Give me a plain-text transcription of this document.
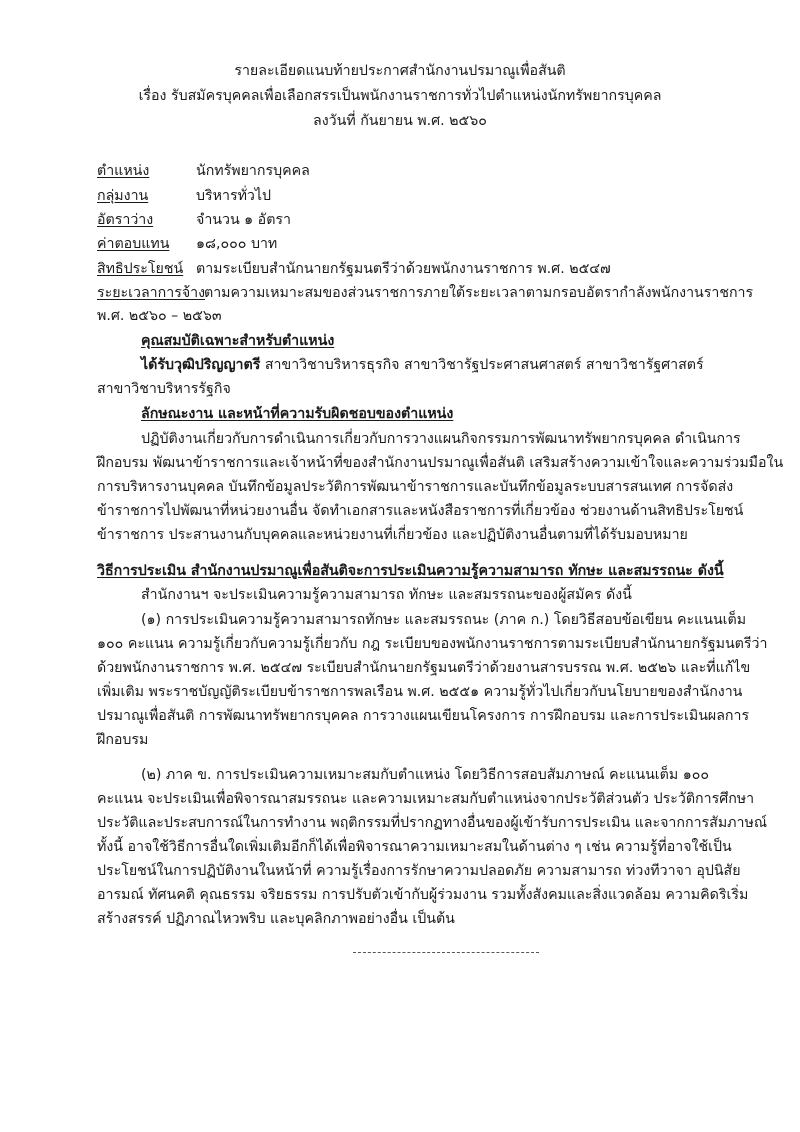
รายละเอียดแนบท้ายประกาศสำนักงานปรมาณูเพื่อสันติ
เรื่อง รับสมัครบุคคลเพื่อเลือกสรรเป็นพนักงานราชการทั่วไปตำแหน่งนักทรัพยากรบุคคล
ลงวันที่ กันยายน พ.ศ. ๒๕๖๐
ตำแหน่ง	นักทรัพยากรบุคคล
กลุ่มงาน	บริหารทั่วไป
อัตราว่าง	จำนวน ๑ อัตรา
ค่าตอบแทน ๑๘,๐๐๐ บาท
สิทธิประโยชน์ ตามระเบียบสำนักนายกรัฐมนตรีว่าด้วยพนักงานราชการ พ.ศ. ๒๕๔๗
ระยะเวลาการจ้าง
ตามความเหมาะสมของส่วนราชการภายใต้ระยะเวลาตามกรอบอัตรากำลังพนักงานราชการ
พ.ศ. ๒๕๖๐ – ๒๕๖๓
คุณสมบัติเฉพาะสำหรับตำแหน่ง
ได้รับวุฒิปริญญาตรี สาขาวิชาบริหารธุรกิจ สาขาวิชารัฐประศาสนศาสตร์ สาขาวิชารัฐศาสตร์
สาขาวิชาบริหารรัฐกิจ
ลักษณะงาน และหน้าที่ความรับผิดชอบของตำแหน่ง
ปฏิบัติงานเกี่ยวกับการดำเนินการเกี่ยวกับการวางแผนกิจกรรมการพัฒนาทรัพยากรบุคคล ดำเนินการ
ฝึกอบรม พัฒนาข้าราชการและเจ้าหน้าที่ของสำนักงานปรมาณูเพื่อสันติ เสริมสร้างความเข้าใจและความร่วมมือใน
การบริหารงานบุคคล บันทึกข้อมูลประวัติการพัฒนาข้าราชการและบันทึกข้อมูลระบบสารสนเทศ การจัดส่ง
ข้าราชการไปพัฒนาที่หน่วยงานอื่น จัดทำเอกสารและหนังสือราชการที่เกี่ยวข้อง ช่วยงานด้านสิทธิประโยชน์
ข้าราชการ ประสานงานกับบุคคลและหน่วยงานที่เกี่ยวข้อง และปฏิบัติงานอื่นตามที่ได้รับมอบหมาย
วิธีการประเมิน สำนักงานปรมาณูเพื่อสันติจะการประเมินความรู้ความสามารถ ทักษะ และสมรรถนะ ดังนี้
สำนักงานฯ จะประเมินความรู้ความสามารถ ทักษะ และสมรรถนะของผู้สมัคร ดังนี้
(๑) การประเมินความรู้ความสามารถทักษะ และสมรรถนะ (ภาค ก.) โดยวิธีสอบข้อเขียน คะแนนเต็ม
๑๐๐ คะแนน ความรู้เกี่ยวกับความรู้เกี่ยวกับ กฎ ระเบียบของพนักงานราชการตามระเบียบสำนักนายกรัฐมนตรีว่า
ด้วยพนักงานราชการ พ.ศ. ๒๕๔๗ ระเบียบสำนักนายกรัฐมนตรีว่าด้วยงานสารบรรณ พ.ศ. ๒๕๒๖ และที่แก้ไข
เพิ่มเติม พระราชบัญญัติระเบียบข้าราชการพลเรือน พ.ศ. ๒๕๕๑ ความรู้ทั่วไปเกี่ยวกับนโยบายของสำนักงาน
ปรมาณูเพื่อสันติ การพัฒนาทรัพยากรบุคคล การวางแผนเขียนโครงการ การฝึกอบรม และการประเมินผลการ
ฝึกอบรม
(๒) ภาค ข. การประเมินความเหมาะสมกับตำแหน่ง โดยวิธีการสอบสัมภาษณ์ คะแนนเต็ม ๑๐๐
คะแนน จะประเมินเพื่อพิจารณาสมรรถนะ และความเหมาะสมกับตำแหน่งจากประวัติส่วนตัว ประวัติการศึกษา
ประวัติและประสบการณ์ในการทำงาน พฤติกรรมที่ปรากฏทางอื่นของผู้เข้ารับการประเมิน และจากการสัมภาษณ์
ทั้งนี้ อาจใช้วิธีการอื่นใดเพิ่มเติมอีกก็ได้เพื่อพิจารณาความเหมาะสมในด้านต่าง ๆ เช่น ความรู้ที่อาจใช้เป็น
ประโยชน์ในการปฏิบัติงานในหน้าที่ ความรู้เรื่องการรักษาความปลอดภัย ความสามารถ ท่วงทีวาจา อุปนิสัย
อารมณ์ ทัศนคติ คุณธรรม จริยธรรม การปรับตัวเข้ากับผู้ร่วมงาน รวมทั้งสังคมและสิ่งแวดล้อม ความคิดริเริ่ม
สร้างสรรค์ ปฏิภาณไหวพริบ และบุคลิกภาพอย่างอื่น เป็นต้น
